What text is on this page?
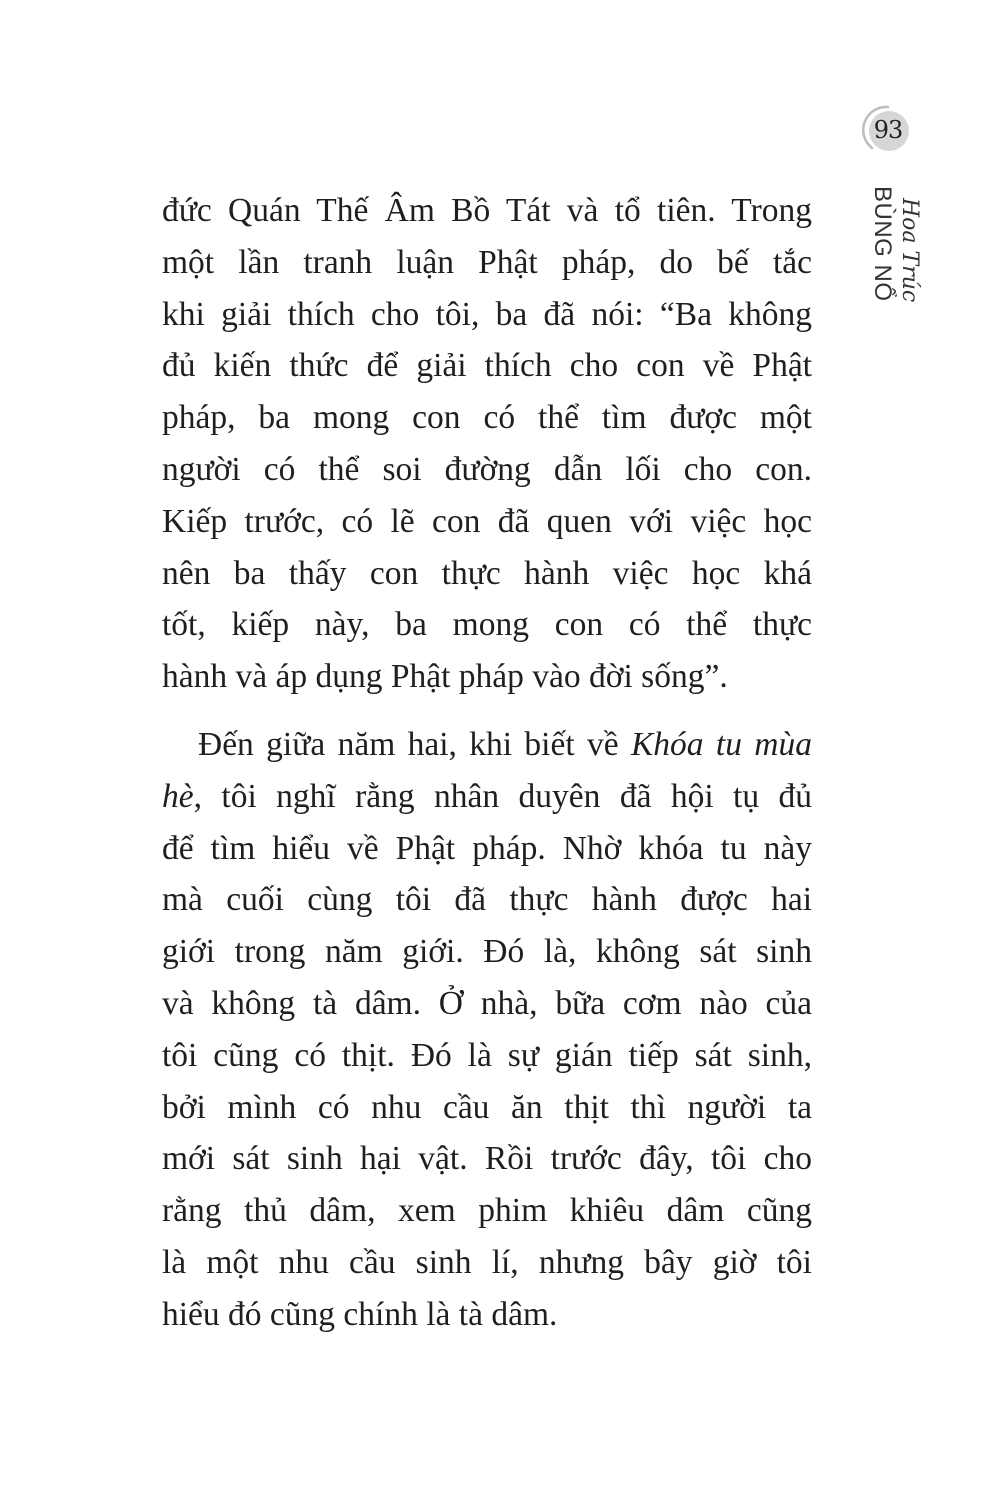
93
Hoa Trúc
BÙNG NỔ
đức Quán Thế Âm Bồ Tát và tổ tiên. Trong
một lần tranh luận Phật pháp, do bế tắc
khi giải thích cho tôi, ba đã nói: “Ba không
đủ kiến thức để giải thích cho con về Phật
pháp, ba mong con có thể tìm được một
người có thể soi đường dẫn lối cho con.
Kiếp trước, có lẽ con đã quen với việc học
nên ba thấy con thực hành việc học khá
tốt, kiếp này, ba mong con có thể thực
hành và áp dụng Phật pháp vào đời sống”.
Đến giữa năm hai, khi biết về Khóa tu mùa
hè, tôi nghĩ rằng nhân duyên đã hội tụ đủ
để tìm hiểu về Phật pháp. Nhờ khóa tu này
mà cuối cùng tôi đã thực hành được hai
giới trong năm giới. Đó là, không sát sinh
và không tà dâm. Ở nhà, bữa cơm nào của
tôi cũng có thịt. Đó là sự gián tiếp sát sinh,
bởi mình có nhu cầu ăn thịt thì người ta
mới sát sinh hại vật. Rồi trước đây, tôi cho
rằng thủ dâm, xem phim khiêu dâm cũng
là một nhu cầu sinh lí, nhưng bây giờ tôi
hiểu đó cũng chính là tà dâm.
